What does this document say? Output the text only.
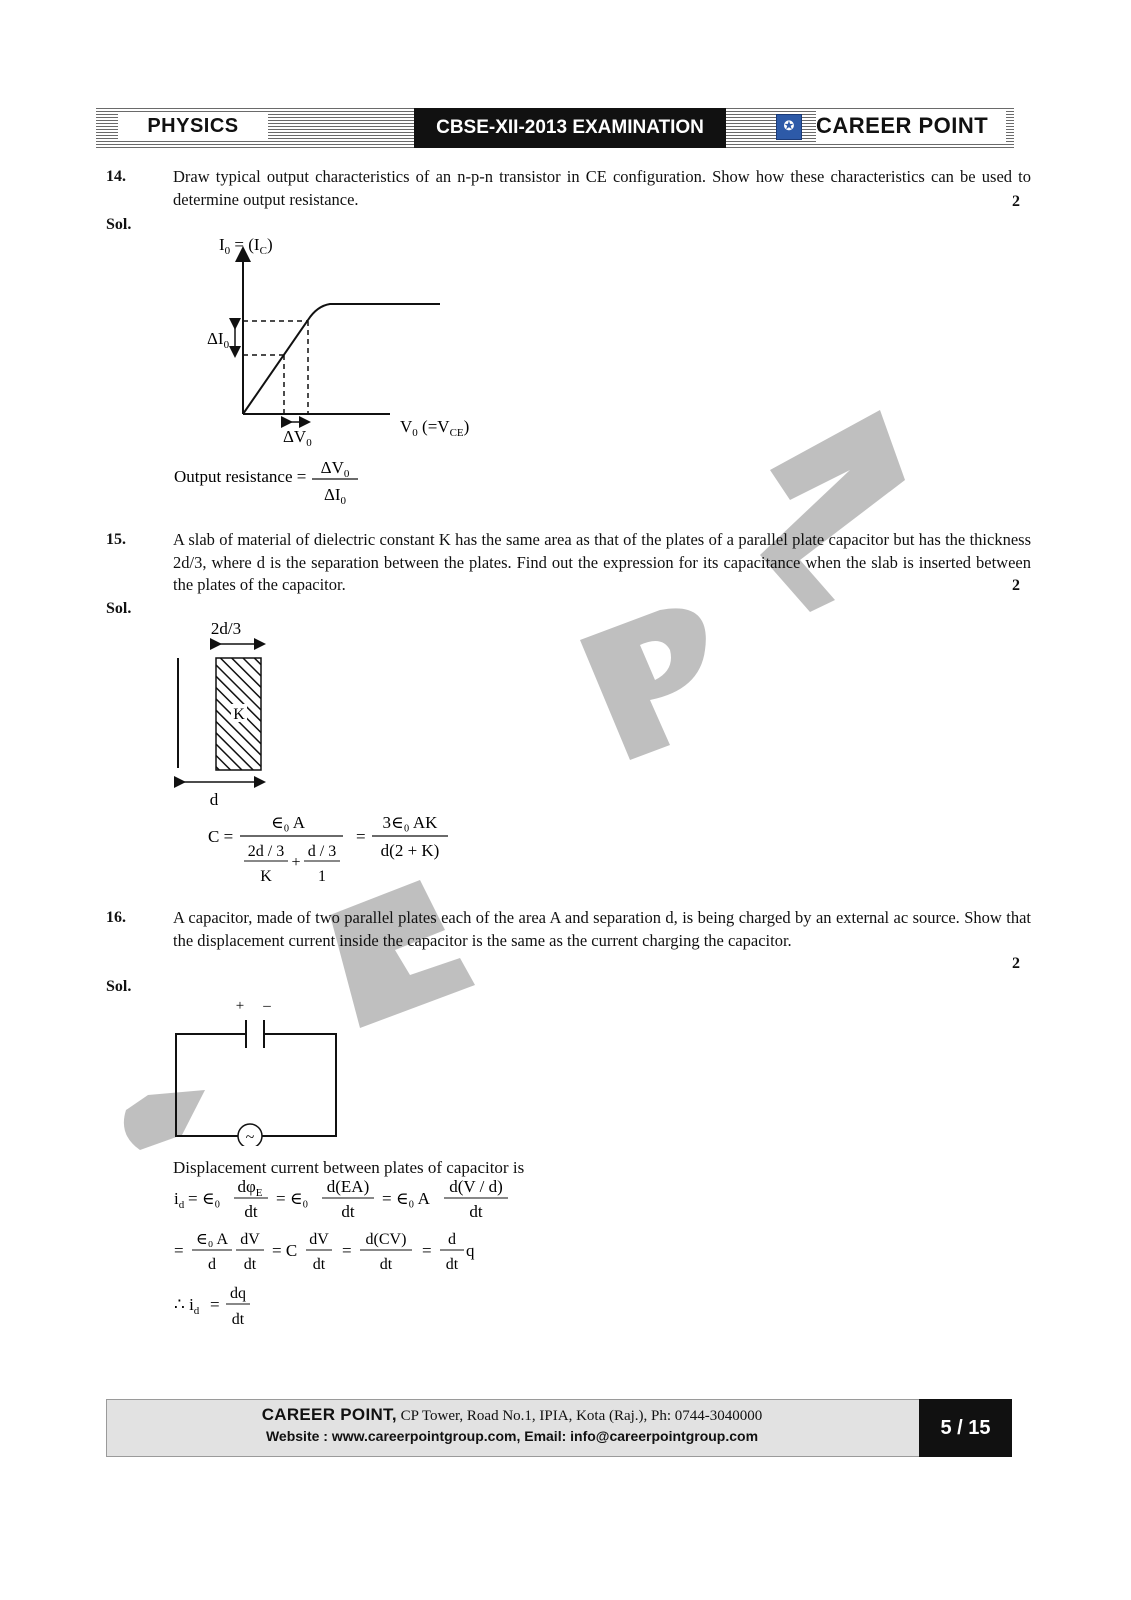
PHYSICS	CBSE-XII-2013 EXAMINATION	✪ CAREER POINT
14.	Draw typical output characteristics of an n-p-n transistor in CE configuration. Show how these characteristics can be used to determine output resistance.	2
Sol.
$I_0 = (I_C)$
$\Delta I_0$
$\Delta V_0$
$V_0$ $(=V_{CE})$
Output resistance = $\Delta V_0$
$\Delta I_0$
15.	A slab of material of dielectric constant K has the same area as that of the plates of a parallel plate capacitor but has the thickness 2d/3, where d is the separation between the plates. Find out the expression for its capacitance when the slab is inserted between the plates of the capacitor.	2
Sol.
2d/3
K
d
C =
∈₀ A
2d / 3
K
+
d / 3
1
=
3∈₀ AK
d(2 + K)
16.	A capacitor, made of two parallel plates each of the area A and separation d, is being charged by an external ac source. Show that the displacement current inside the capacitor is the same as the current charging the capacitor.
2
Sol.
+ –
~
Displacement current between plates of capacitor is
$i_d$ = ∈₀
$d\varphi_E$
dt
= ∈₀
d(EA)
dt
= ∈₀ A
d(V / d)
dt
=
∈₀ A
d
dV
dt
= C
dV
dt
=
d(CV)
dt
=
d
dt
q
∴ $i_d$ =
dq
dt
CAREER POINT, CP Tower, Road No.1, IPIA, Kota (Raj.), Ph: 0744-3040000
Website : www.careerpointgroup.com, Email: info@careerpointgroup.com	5 / 15
